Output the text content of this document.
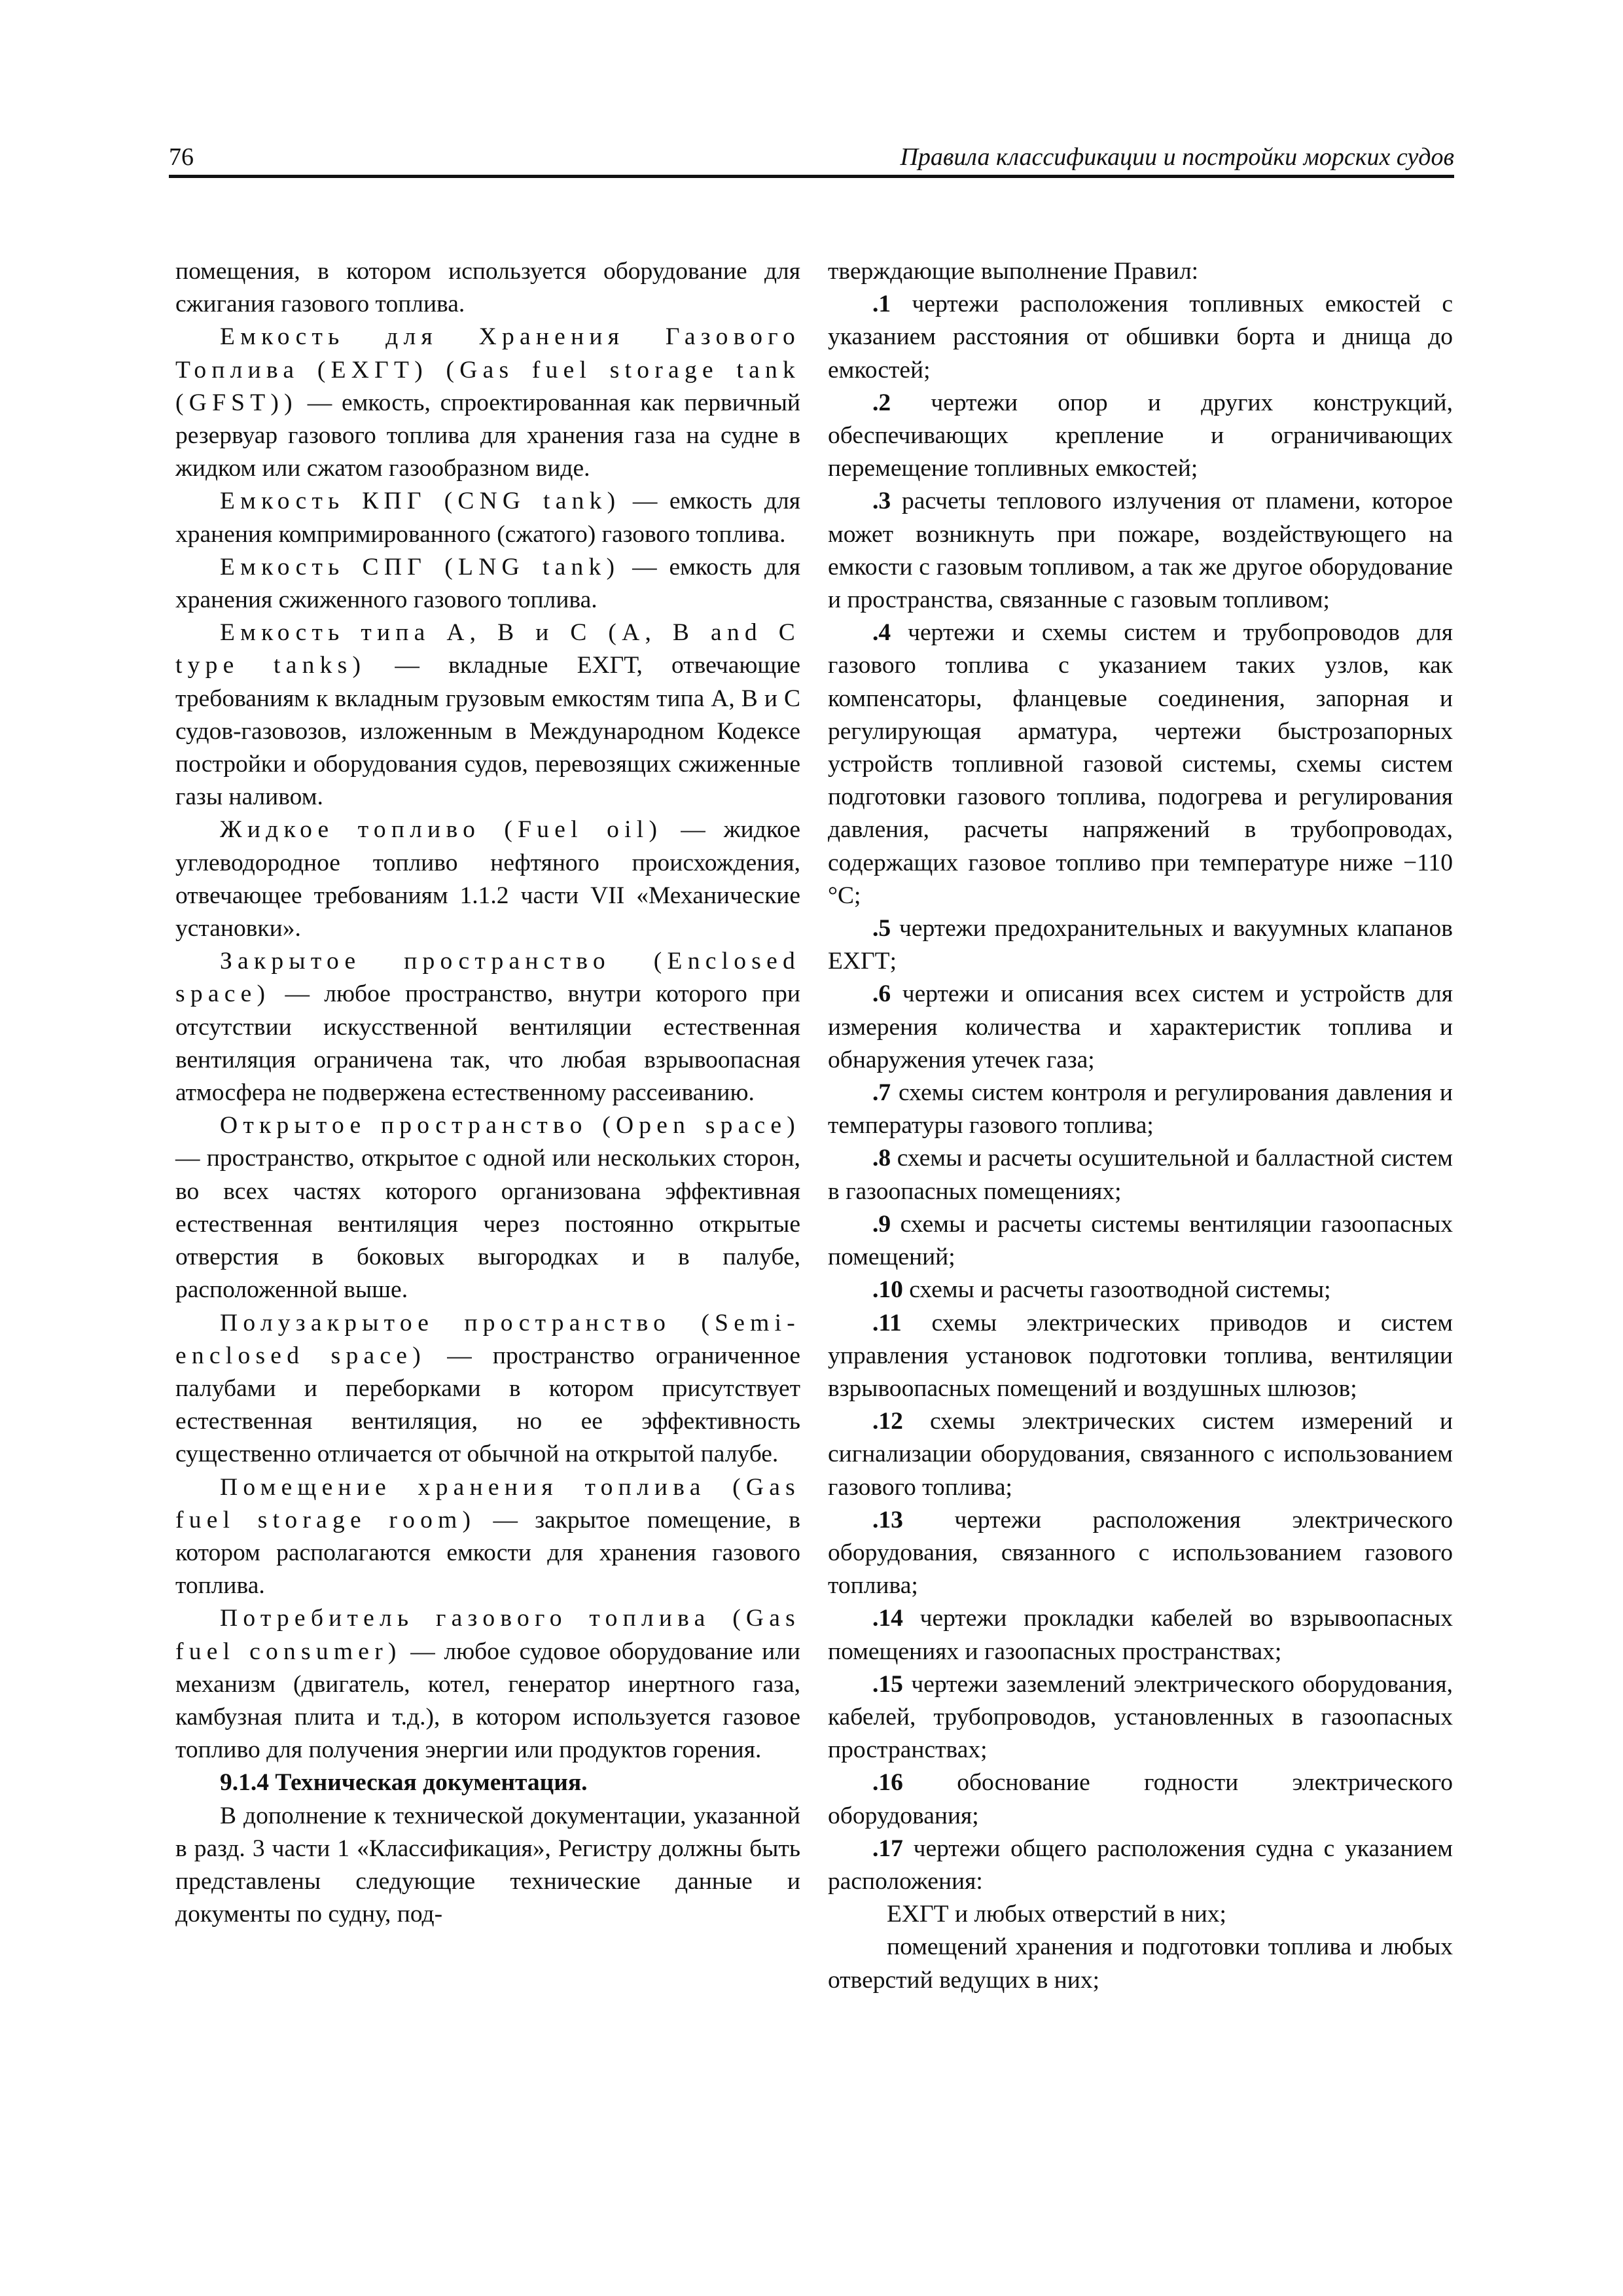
76	Правила классификации и постройки морских судов

помещения, в котором используется оборудование для сжигания газового топлива.

Емкость для Хранения Газового Топлива (ЕХГТ) (Gas fuel storage tank (GFST)) — емкость, спроектированная как первичный резервуар газового топлива для хранения газа на судне в жидком или сжатом газообразном виде.

Емкость КПГ (CNG tank) — емкость для хранения компримированного (сжатого) газового топлива.

Емкость СПГ (LNG tank) — емкость для хранения сжиженного газового топлива.

Емкость типа А, В и С (А, В and С type tanks) — вкладные ЕХГТ, отвечающие требованиям к вкладным грузовым емкостям типа А, В и С судов-газовозов, изложенным в Международном Кодексе постройки и оборудования судов, перевозящих сжиженные газы наливом.

Жидкое топливо (Fuel oil) — жидкое углеводородное топливо нефтяного происхождения, отвечающее требованиям 1.1.2 части VII «Механические установки».

Закрытое пространство (Enclosed space) — любое пространство, внутри которого при отсутствии искусственной вентиляции естественная вентиляция ограничена так, что любая взрывоопасная атмосфера не подвержена естественному рассеиванию.

Открытое пространство (Open space) — пространство, открытое с одной или нескольких сторон, во всех частях которого организована эффективная естественная вентиляция через постоянно открытые отверстия в боковых выгородках и в палубе, расположенной выше.

Полузакрытое пространство (Semi-enclosed space) — пространство ограниченное палубами и переборками в котором присутствует естественная вентиляция, но ее эффективность существенно отличается от обычной на открытой палубе.

Помещение хранения топлива (Gas fuel storage room) — закрытое помещение, в котором располагаются емкости для хранения газового топлива.

Потребитель газового топлива (Gas fuel consumer) — любое судовое оборудование или механизм (двигатель, котел, генератор инертного газа, камбузная плита и т.д.), в котором используется газовое топливо для получения энергии или продуктов горения.

9.1.4 Техническая документация.

В дополнение к технической документации, указанной в разд. 3 части 1 «Классификация», Регистру должны быть представлены следующие технические данные и документы по судну, под-

тверждающие выполнение Правил:

.1 чертежи расположения топливных емкостей с указанием расстояния от обшивки борта и днища до емкостей;

.2 чертежи опор и других конструкций, обеспечивающих крепление и ограничивающих перемещение топливных емкостей;

.3 расчеты теплового излучения от пламени, которое может возникнуть при пожаре, воздействующего на емкости с газовым топливом, а так же другое оборудование и пространства, связанные с газовым топливом;

.4 чертежи и схемы систем и трубопроводов для газового топлива с указанием таких узлов, как компенсаторы, фланцевые соединения, запорная и регулирующая арматура, чертежи быстрозапорных устройств топливной газовой системы, схемы систем подготовки газового топлива, подогрева и регулирования давления, расчеты напряжений в трубопроводах, содержащих газовое топливо при температуре ниже −110 °С;

.5 чертежи предохранительных и вакуумных клапанов ЕХГТ;

.6 чертежи и описания всех систем и устройств для измерения количества и характеристик топлива и обнаружения утечек газа;

.7 схемы систем контроля и регулирования давления и температуры газового топлива;

.8 схемы и расчеты осушительной и балластной систем в газоопасных помещениях;

.9 схемы и расчеты системы вентиляции газоопасных помещений;

.10 схемы и расчеты газоотводной системы;

.11 схемы электрических приводов и систем управления установок подготовки топлива, вентиляции взрывоопасных помещений и воздушных шлюзов;

.12 схемы электрических систем измерений и сигнализации оборудования, связанного с использованием газового топлива;

.13 чертежи расположения электрического оборудования, связанного с использованием газового топлива;

.14 чертежи прокладки кабелей во взрывоопасных помещениях и газоопасных пространствах;

.15 чертежи заземлений электрического оборудования, кабелей, трубопроводов, установленных в газоопасных пространствах;

.16 обоснование годности электрического оборудования;

.17 чертежи общего расположения судна с указанием расположения:

ЕХГТ и любых отверстий в них;

помещений хранения и подготовки топлива и любых отверстий ведущих в них;
